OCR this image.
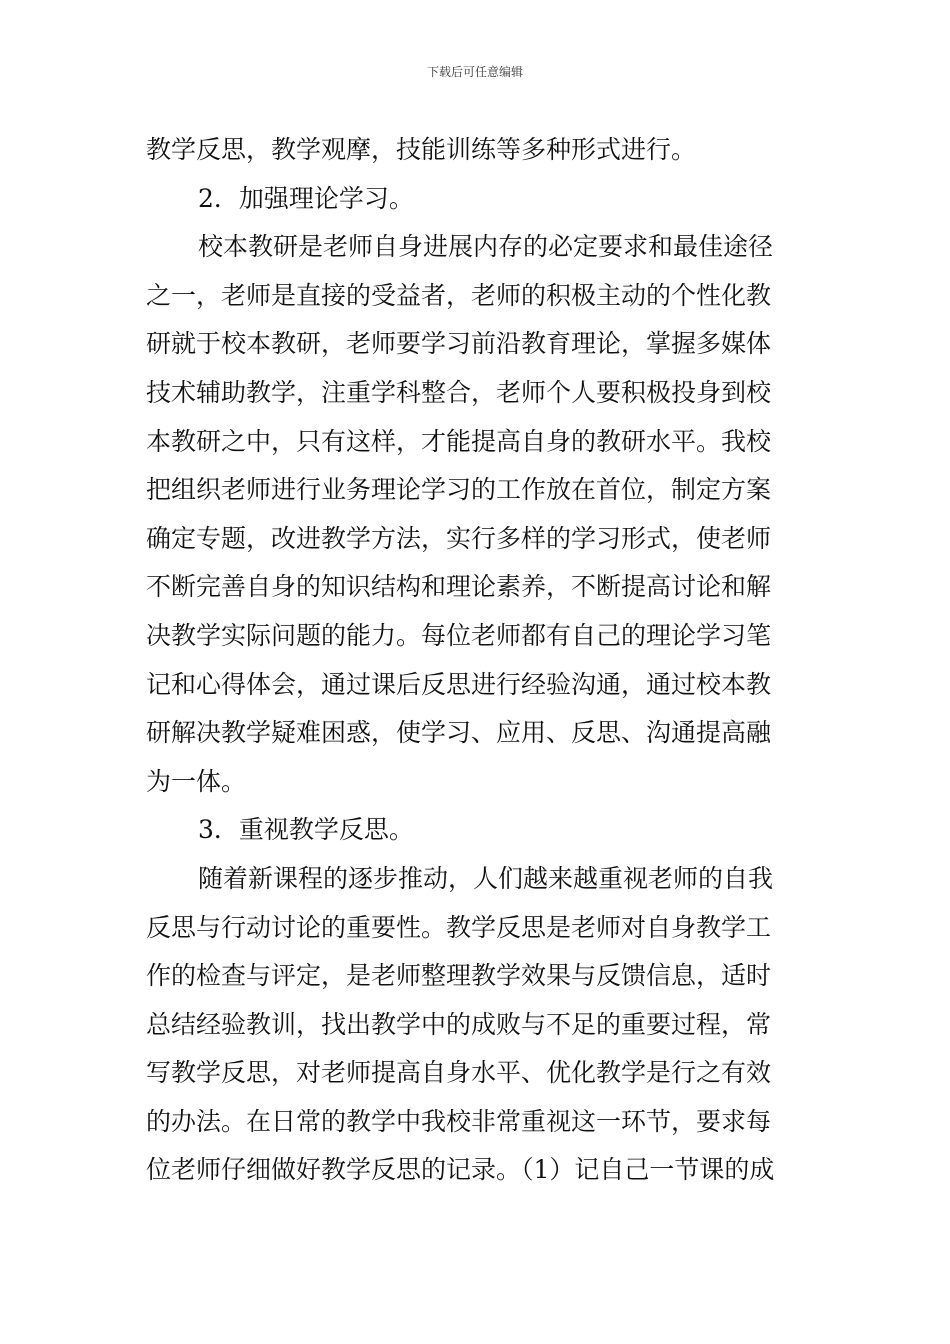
下载后可任意编辑
教学反思，教学观摩，技能训练等多种形式进行。
2．加强理论学习。
校本教研是老师自身进展内存的必定要求和最佳途径
之一，老师是直接的受益者，老师的积极主动的个性化教
研就于校本教研，老师要学习前沿教育理论，掌握多媒体
技术辅助教学，注重学科整合，老师个人要积极投身到校
本教研之中，只有这样，才能提高自身的教研水平。我校
把组织老师进行业务理论学习的工作放在首位，制定方案
确定专题，改进教学方法，实行多样的学习形式，使老师
不断完善自身的知识结构和理论素养，不断提高讨论和解
决教学实际问题的能力。每位老师都有自己的理论学习笔
记和心得体会，通过课后反思进行经验沟通，通过校本教
研解决教学疑难困惑，使学习、应用、反思、沟通提高融
为一体。
3．重视教学反思。
随着新课程的逐步推动，人们越来越重视老师的自我
反思与行动讨论的重要性。教学反思是老师对自身教学工
作的检查与评定，是老师整理教学效果与反馈信息，适时
总结经验教训，找出教学中的成败与不足的重要过程，常
写教学反思，对老师提高自身水平、优化教学是行之有效
的办法。在日常的教学中我校非常重视这一环节，要求每
位老师仔细做好教学反思的记录。（1）记自己一节课的成
